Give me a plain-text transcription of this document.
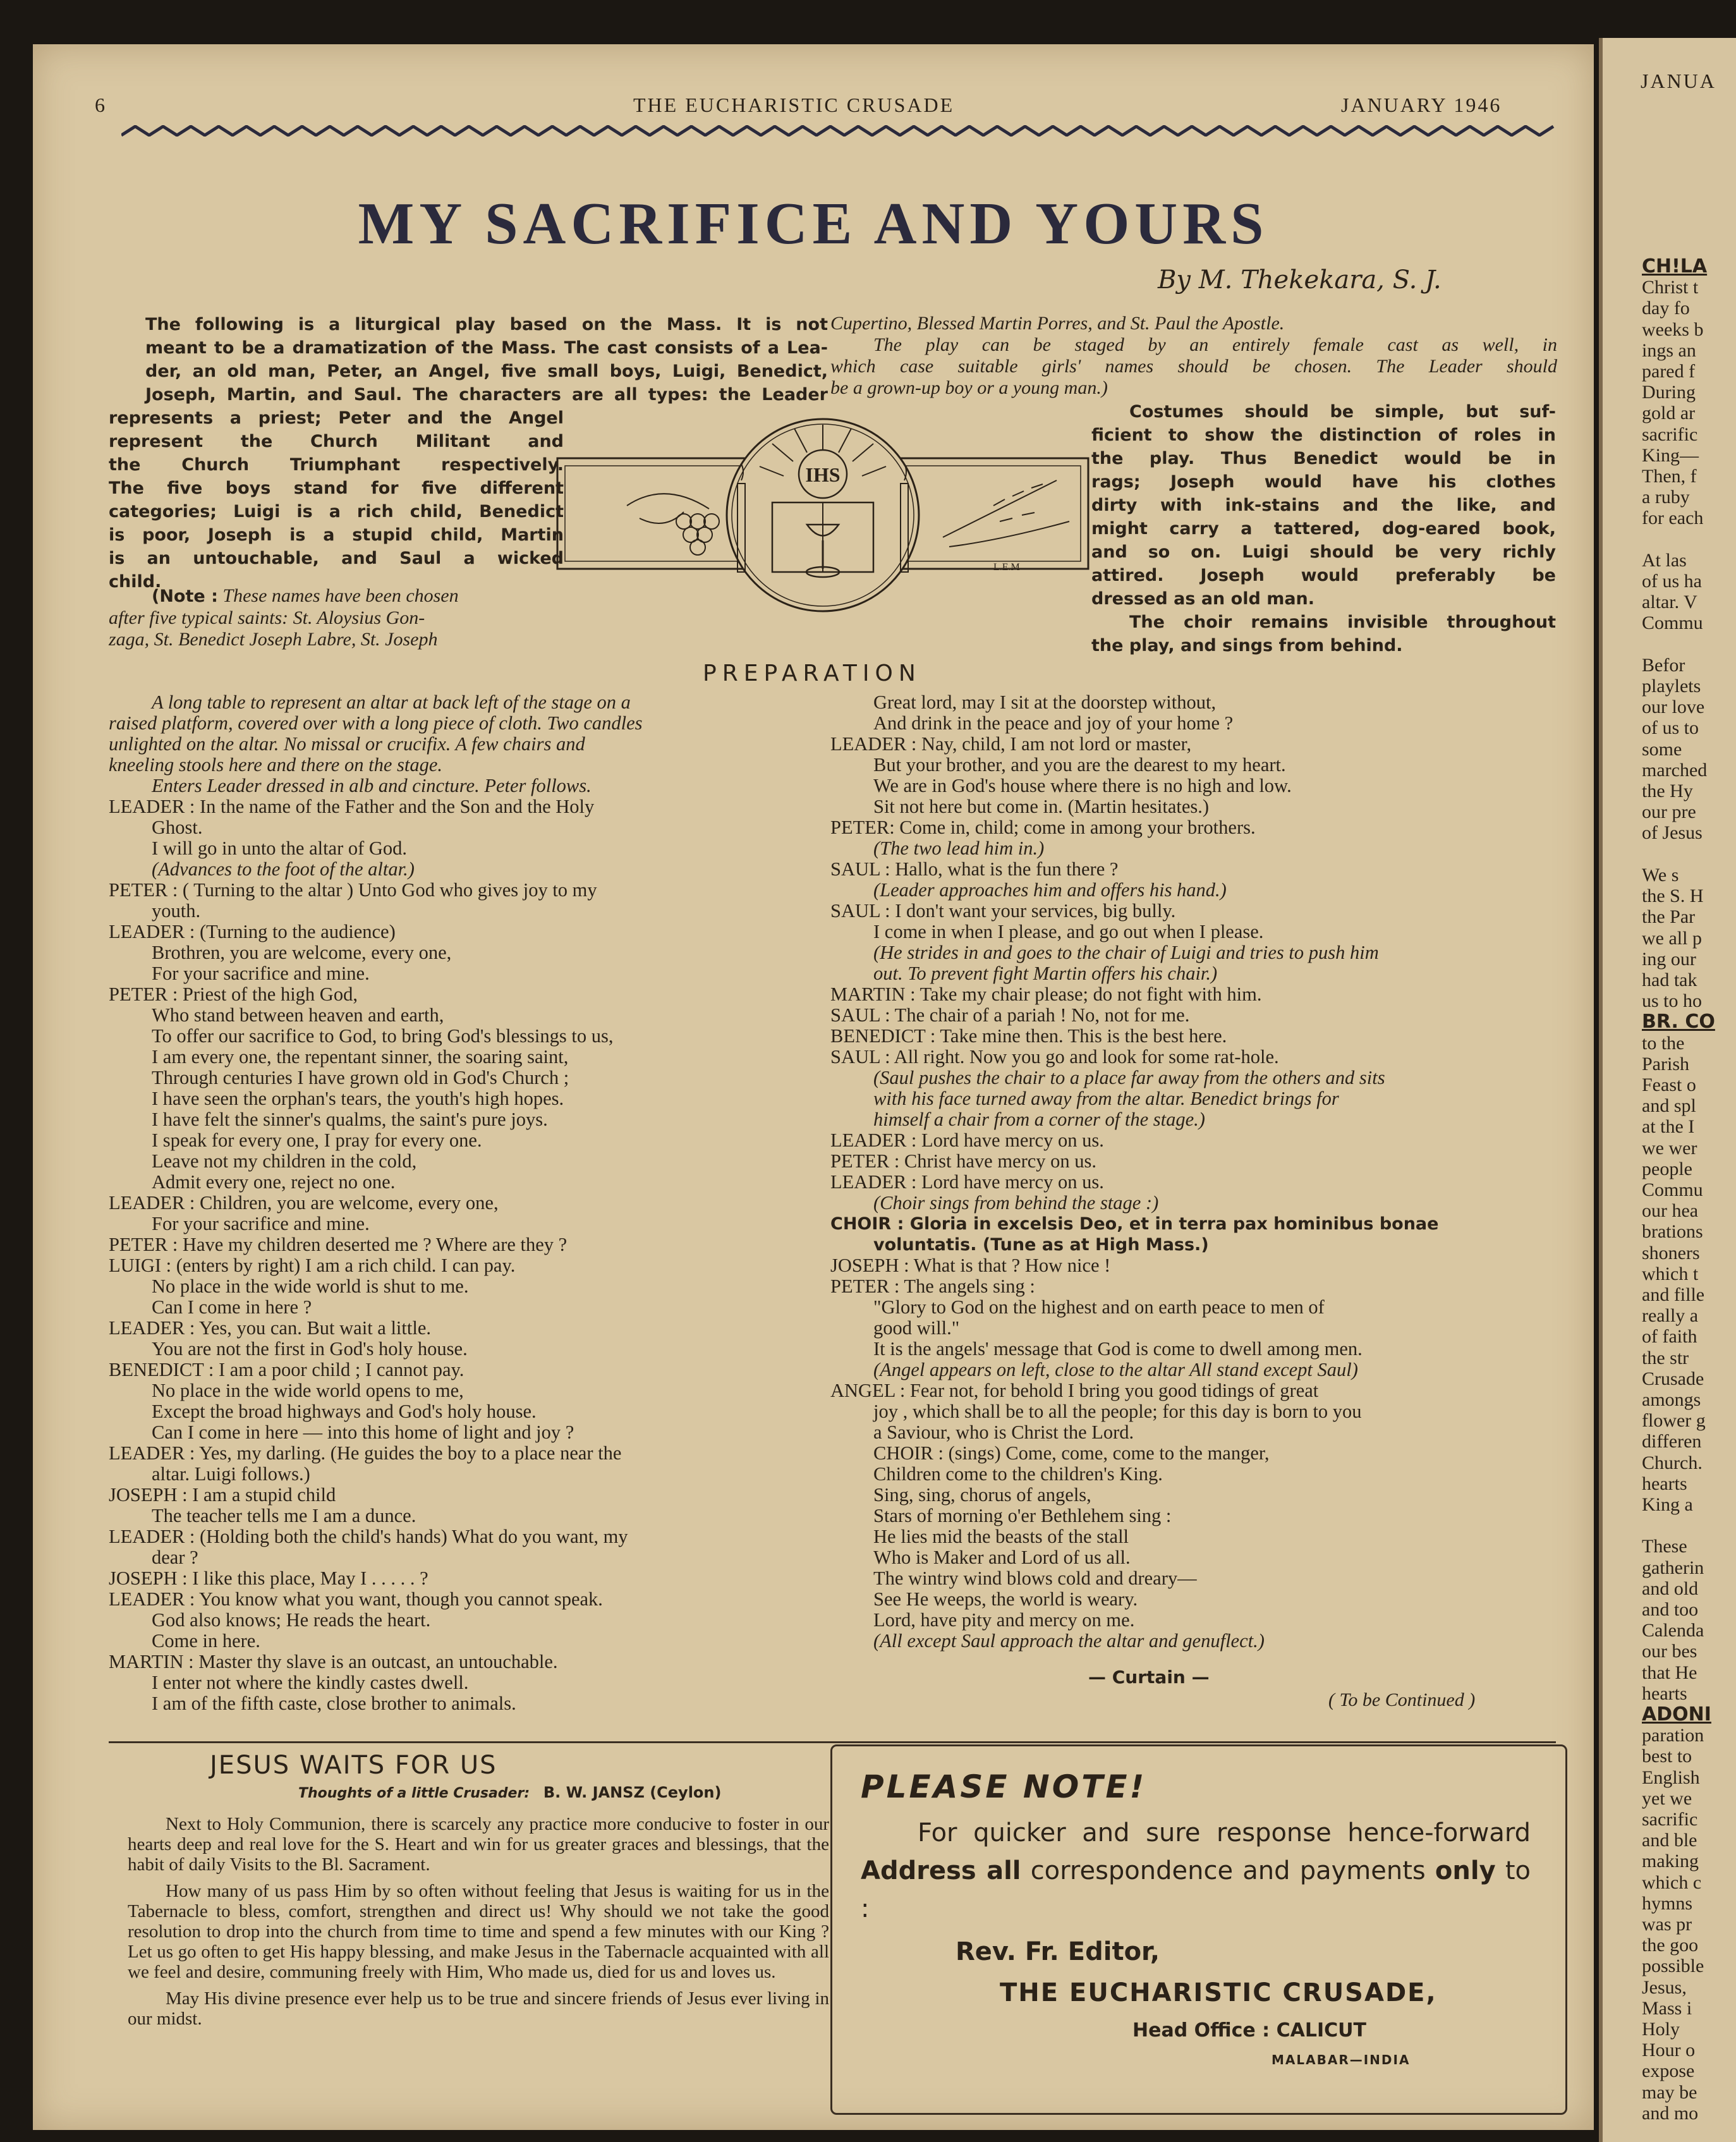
6	THE EUCHARISTIC CRUSADE	JANUARY 1946
MY SACRIFICE AND YOURS
By M. Thekekara, S. J.
The following is a liturgical play based on the Mass. It is not
meant to be a dramatization of the Mass. The cast consists of a Lea-
der, an old man, Peter, an Angel, five small boys, Luigi, Benedict,
Joseph, Martin, and Saul. The characters are all types: the Leader
represents a priest; Peter and the Angel
represent the Church Militant and
the Church Triumphant respectively.
The five boys stand for five different
categories; Luigi is a rich child, Benedict
is poor, Joseph is a stupid child, Martin
is an untouchable, and Saul a wicked
child.
(Note : These names have been chosen
after five typical saints: St. Aloysius Gon-
zaga, St. Benedict Joseph Labre, St. Joseph
IHS
L.E.M
Cupertino, Blessed Martin Porres, and St. Paul the Apostle.
The play can be staged by an entirely female cast as well, in
which case suitable girls' names should be chosen. The Leader should
be a grown-up boy or a young man.)
Costumes should be simple, but suf-
ficient to show the distinction of roles in
the play. Thus Benedict would be in
rags; Joseph would have his clothes
dirty with ink-stains and the like, and
might carry a tattered, dog-eared book,
and so on. Luigi should be very richly
attired. Joseph would preferably be
dressed as an old man.
The choir remains invisible throughout
the play, and sings from behind.
PREPARATION

A long table to represent an altar at back left of the stage on a

raised platform, covered over with a long piece of cloth. Two candles

unlighted on the altar. No missal or crucifix. A few chairs and

kneeling stools here and there on the stage.

Enters Leader dressed in alb and cincture. Peter follows.

LEADER : In the name of the Father and the Son and the Holy

Ghost.

I will go in unto the altar of God.

(Advances to the foot of the altar.)

PETER : ( Turning to the altar ) Unto God who gives joy to my

youth.

LEADER : (Turning to the audience)

Brothren, you are welcome, every one,

For your sacrifice and mine.

PETER : Priest of the high God,

Who stand between heaven and earth,

To offer our sacrifice to God, to bring God's blessings to us,

I am every one, the repentant sinner, the soaring saint,

Through centuries I have grown old in God's Church ;

I have seen the orphan's tears, the youth's high hopes.

I have felt the sinner's qualms, the saint's pure joys.

I speak for every one, I pray for every one.

Leave not my children in the cold,

Admit every one, reject no one.

LEADER : Children, you are welcome, every one,

For your sacrifice and mine.

PETER : Have my children deserted me ? Where are they ?

LUIGI : (enters by right) I am a rich child. I can pay.

No place in the wide world is shut to me.

Can I come in here ?

LEADER : Yes, you can. But wait a little.

You are not the first in God's holy house.

BENEDICT : I am a poor child ; I cannot pay.

No place in the wide world opens to me,

Except the broad highways and God's holy house.

Can I come in here — into this home of light and joy ?

LEADER : Yes, my darling. (He guides the boy to a place near the

altar. Luigi follows.)

JOSEPH : I am a stupid child

The teacher tells me I am a dunce.

LEADER : (Holding both the child's hands) What do you want, my

dear ?

JOSEPH : I like this place, May I . . . . . ?

LEADER : You know what you want, though you cannot speak.

God also knows; He reads the heart.

Come in here.

MARTIN : Master thy slave is an outcast, an untouchable.

I enter not where the kindly castes dwell.

I am of the fifth caste, close brother to animals.

Great lord, may I sit at the doorstep without,

And drink in the peace and joy of your home ?

LEADER : Nay, child, I am not lord or master,

But your brother, and you are the dearest to my heart.

We are in God's house where there is no high and low.

Sit not here but come in. (Martin hesitates.)

PETER: Come in, child; come in among your brothers.

(The two lead him in.)

SAUL : Hallo, what is the fun there ?

(Leader approaches him and offers his hand.)

SAUL : I don't want your services, big bully.

I come in when I please, and go out when I please.

(He strides in and goes to the chair of Luigi and tries to push him

out. To prevent fight Martin offers his chair.)

MARTIN : Take my chair please; do not fight with him.

SAUL : The chair of a pariah ! No, not for me.

BENEDICT : Take mine then. This is the best here.

SAUL : All right. Now you go and look for some rat-hole.

(Saul pushes the chair to a place far away from the others and sits

with his face turned away from the altar. Benedict brings for

himself a chair from a corner of the stage.)

LEADER : Lord have mercy on us.

PETER : Christ have mercy on us.

LEADER : Lord have mercy on us.

(Choir sings from behind the stage :)

CHOIR : Gloria in excelsis Deo, et in terra pax hominibus bonae

voluntatis. (Tune as at High Mass.)

JOSEPH : What is that ? How nice !

PETER : The angels sing :

"Glory to God on the highest and on earth peace to men of

good will."

It is the angels' message that God is come to dwell among men.

(Angel appears on left, close to the altar All stand except Saul)

ANGEL : Fear not, for behold I bring you good tidings of great

joy , which shall be to all the people; for this day is born to you

a Saviour, who is Christ the Lord.

CHOIR : (sings) Come, come, come to the manger,

Children come to the children's King.

Sing, sing, chorus of angels,

Stars of morning o'er Bethlehem sing :

He lies mid the beasts of the stall

Who is Maker and Lord of us all.

The wintry wind blows cold and dreary—

See He weeps, the world is weary.

Lord, have pity and mercy on me.

(All except Saul approach the altar and genuflect.)

— Curtain —
( To be Continued )
JESUS WAITS FOR US
Thoughts of a little Crusader: B. W. JANSZ (Ceylon)

Next to Holy Communion, there is scarcely any practice more conducive to foster in our hearts deep and real love for the S. Heart and win for us greater graces and blessings, that the habit of daily Visits to the Bl. Sacrament.

How many of us pass Him by so often without feeling that Jesus is waiting for us in the Tabernacle to bless, comfort, strengthen and direct us! Why should we not take the good resolution to drop into the church from time to time and spend a few minutes with our King ? Let us go often to get His happy blessing, and make Jesus in the Tabernacle acquainted with all we feel and desire, communing freely with Him, Who made us, died for us and loves us.

May His divine presence ever help us to be true and sincere friends of Jesus ever living in our midst.

PLEASE NOTE!
For quicker and sure response hence-forward Address all correspondence and payments only to :
Rev. Fr. Editor,
THE EUCHARISTIC CRUSADE,
Head Office : CALICUT
MALABAR—INDIA
JANUA
CH!LA
Christ t
day fo
weeks b
ings an
pared f
During
gold ar
sacrific
King—
Then, f
a ruby
for each

At las
of us ha
altar. V
Commu

Befor
playlets
our love
of us to
some
marched
the Hy
our pre
of Jesus

We s
the S. H
the Par
we all p
ing our
had tak
us to ho
BR. CO
to the
Parish
Feast o
and spl
at the I
we wer
people
Commu
our hea
brations
shoners
which t
and fille
really a
of faith
the str
Crusade
amongs
flower g
differen
Church.
hearts
King a

These
gatherin
and old
and too
Calenda
our bes
that He
hearts
ADONI
paration
best to
English
yet we
sacrific
and ble
making
which c
hymns
was pr
the goo
possible
Jesus,
Mass i
Holy
Hour o
expose
may be
and mo
